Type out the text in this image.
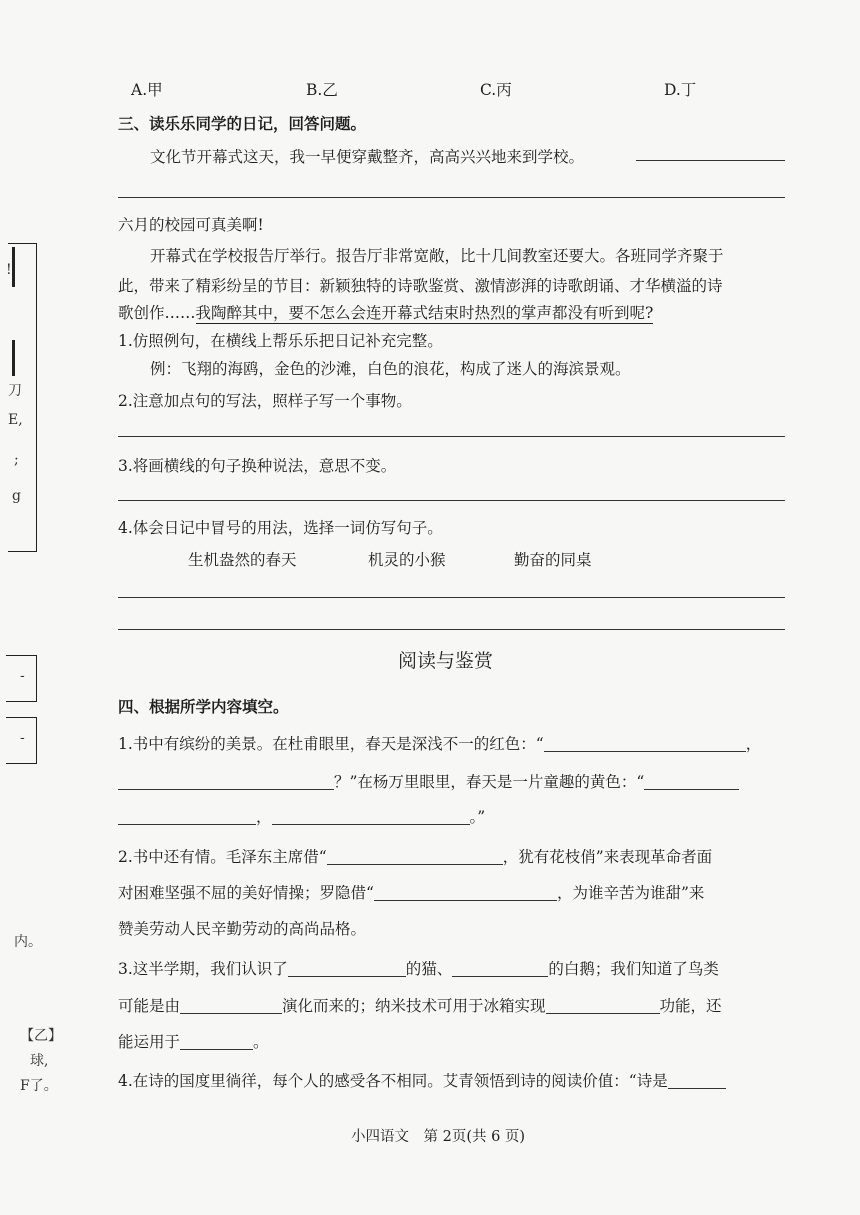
A.甲	B.乙	C.丙	D.丁
三、读乐乐同学的日记，回答问题。
文化节开幕式这天，我一早便穿戴整齐，高高兴兴地来到学校。
六月的校园可真美啊!
开幕式在学校报告厅举行。报告厅非常宽敞，比十几间教室还要大。各班同学齐聚于
此，带来了精彩纷呈的节目：新颖独特的诗歌鉴赏、激情澎湃的诗歌朗诵、才华横溢的诗
歌创作……我陶醉其中，要不怎么会连开幕式结束时热烈的掌声都没有听到呢?
1.仿照例句，在横线上帮乐乐把日记补充完整。
例：飞翔的海鸥，金色的沙滩，白色的浪花，构成了迷人的海滨景观。
2.注意加点句的写法，照样子写一个事物。
3.将画横线的句子换种说法，意思不变。
4.体会日记中冒号的用法，选择一词仿写句子。
生机盎然的春天	机灵的小猴	勤奋的同桌
阅读与鉴赏
四、根据所学内容填空。
1.书中有缤纷的美景。在杜甫眼里，春天是深浅不一的红色：“	，
？”在杨万里眼里，春天是一片童趣的黄色：“
，	。”
2.书中还有情。毛泽东主席借“	，犹有花枝俏”来表现革命者面
对困难坚强不屈的美好情操；罗隐借“	，为谁辛苦为谁甜”来
赞美劳动人民辛勤劳动的高尚品格。
3.这半学期，我们认识了	的猫、	的白鹅；我们知道了鸟类
可能是由	演化而来的；纳米技术可用于冰箱实现	功能，还
能运用于	。
4.在诗的国度里徜徉，每个人的感受各不相同。艾青领悟到诗的阅读价值：“诗是
小四语文　第 2页(共 6 页)
!
刀
Ε,
;
g
-
-
内。
【乙】
球,
F了。
